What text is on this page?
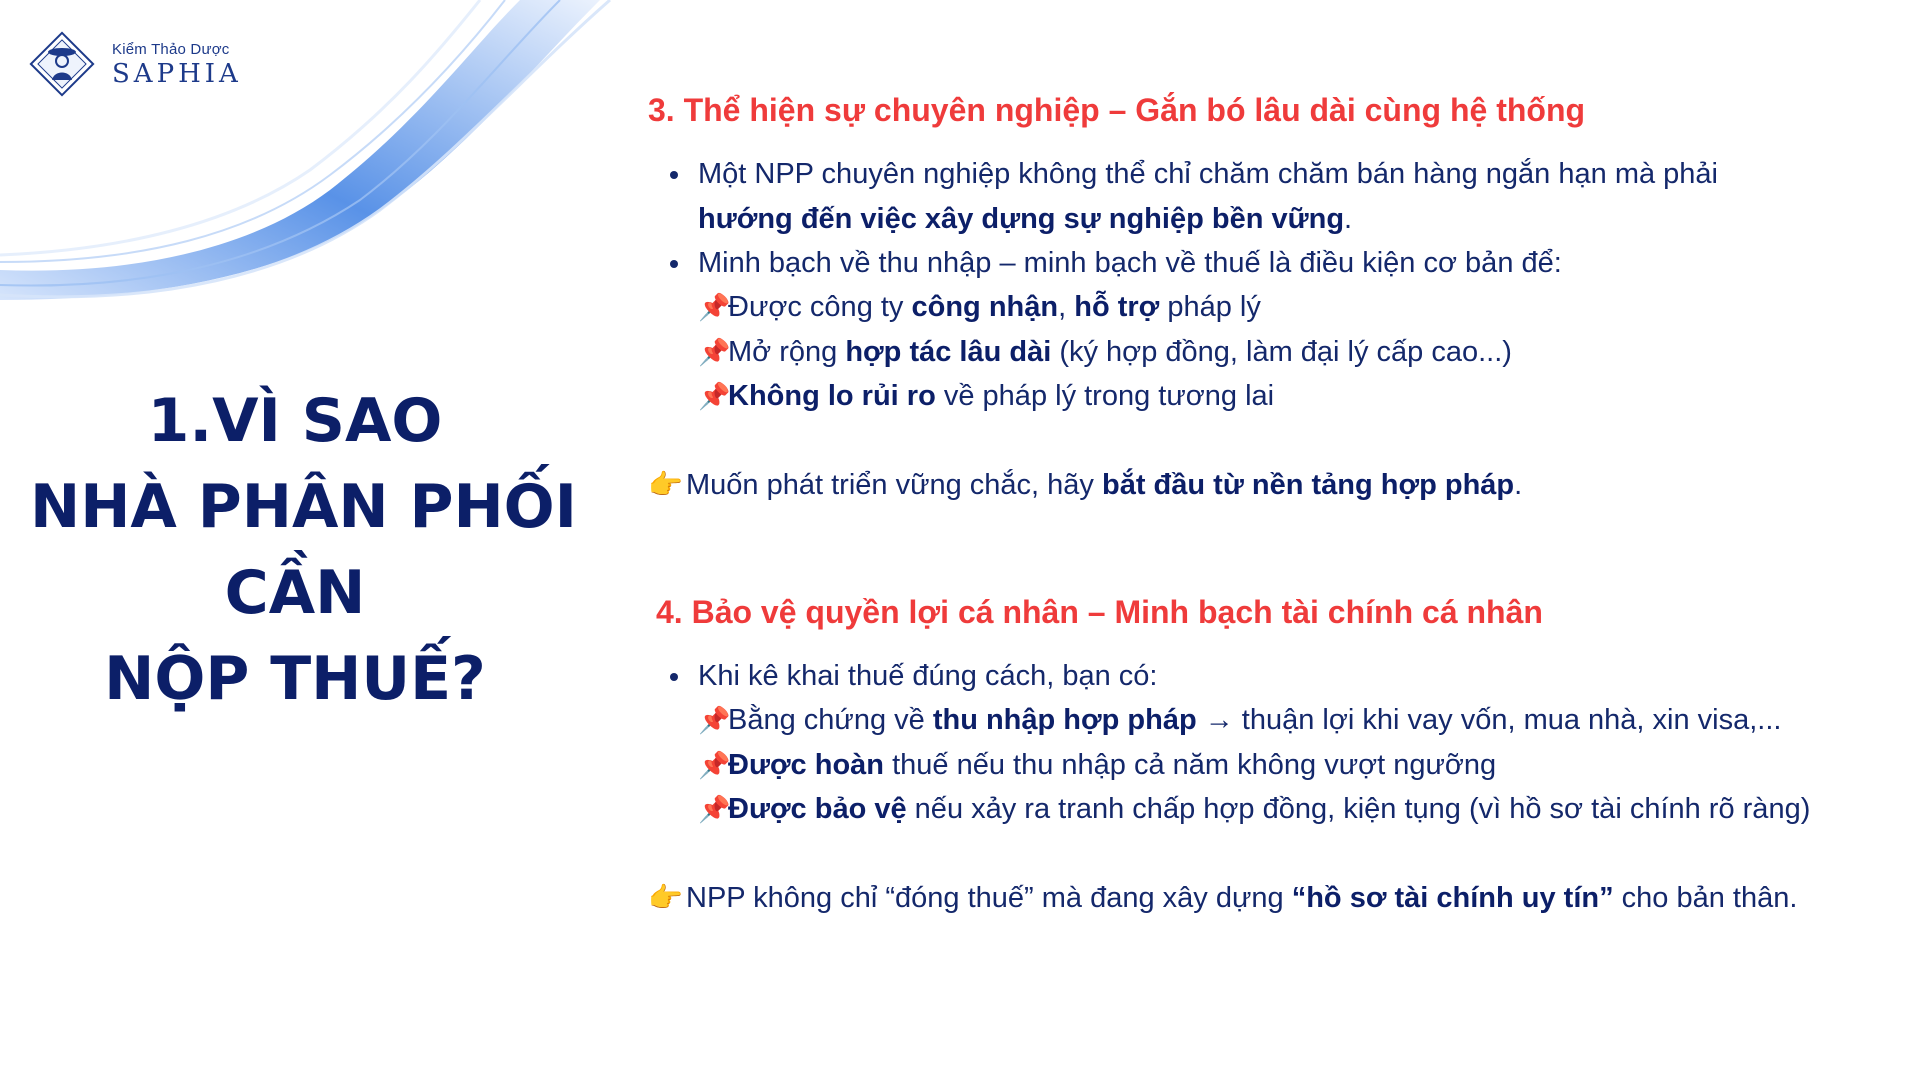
Kiểm Thảo Dược
SAPHIA
1.VÌ SAO
NHÀ PHÂN PHỐI
CẦN
NỘP THUẾ?
3. Thể hiện sự chuyên nghiệp – Gắn bó lâu dài cùng hệ thống
Một NPP chuyên nghiệp không thể chỉ chăm chăm bán hàng ngắn hạn mà phải
hướng đến việc xây dựng sự nghiệp bền vững.
Minh bạch về thu nhập – minh bạch về thuế là điều kiện cơ bản để:
📌Được công ty công nhận, hỗ trợ pháp lý
📌Mở rộng hợp tác lâu dài (ký hợp đồng, làm đại lý cấp cao...)
📌Không lo rủi ro về pháp lý trong tương lai
👉 Muốn phát triển vững chắc, hãy bắt đầu từ nền tảng hợp pháp.
4. Bảo vệ quyền lợi cá nhân – Minh bạch tài chính cá nhân
Khi kê khai thuế đúng cách, bạn có:
📌Bằng chứng về thu nhập hợp pháp → thuận lợi khi vay vốn, mua nhà, xin visa,...
📌Được hoàn thuế nếu thu nhập cả năm không vượt ngưỡng
📌Được bảo vệ nếu xảy ra tranh chấp hợp đồng, kiện tụng (vì hồ sơ tài chính rõ ràng)
👉 NPP không chỉ “đóng thuế” mà đang xây dựng “hồ sơ tài chính uy tín” cho bản thân.
